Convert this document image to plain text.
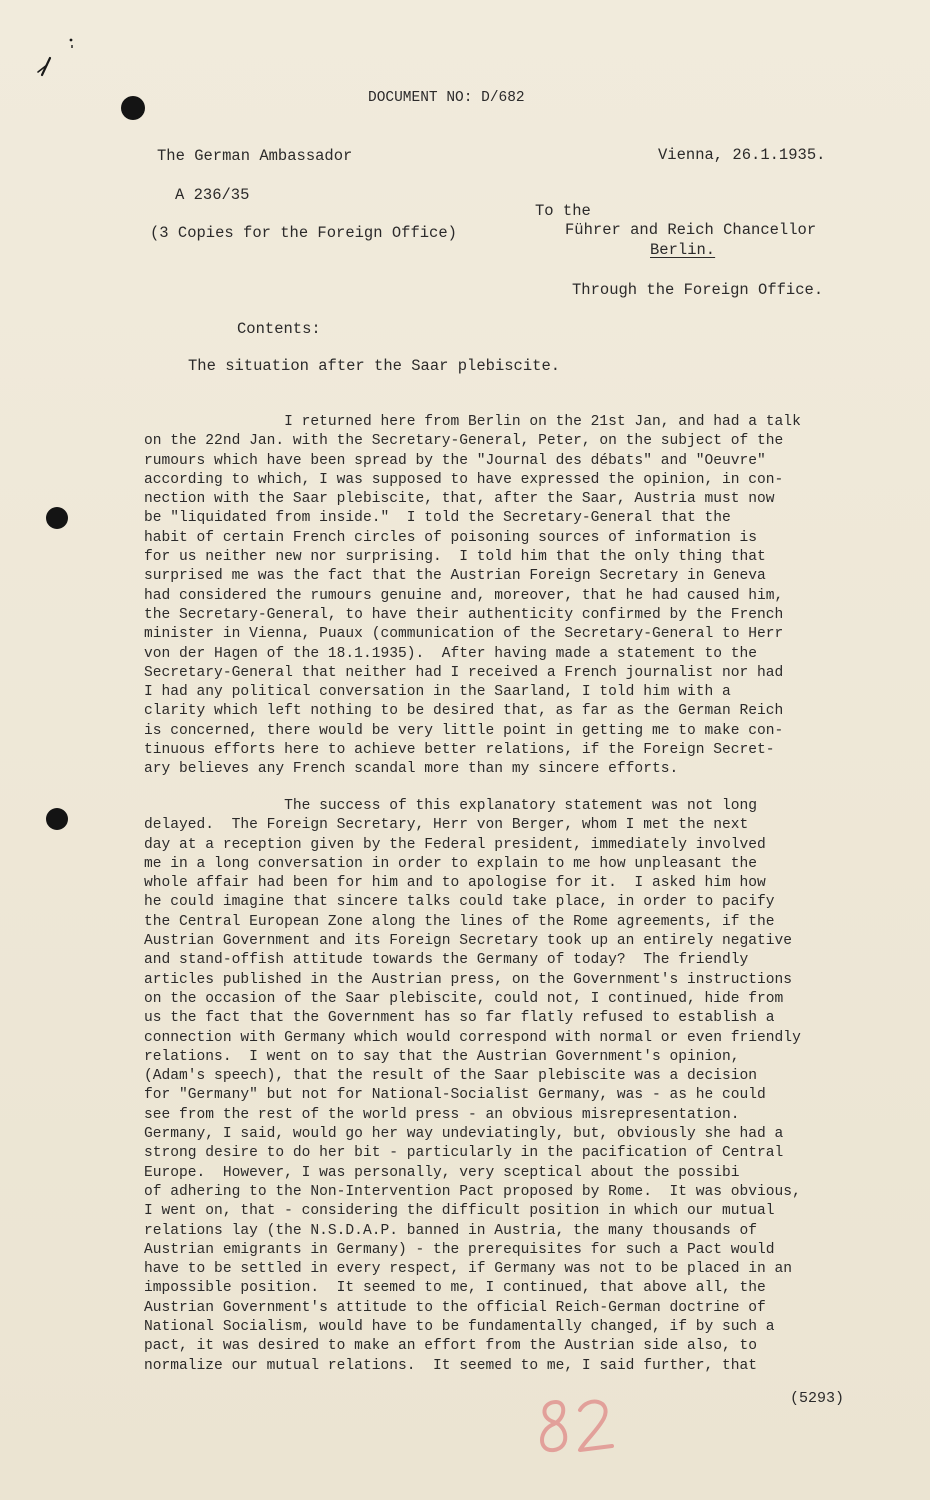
DOCUMENT NO: D/682
The German Ambassador	Vienna, 26.1.1935.
A 236/35
To the
(3 Copies for the Foreign Office)	Führer and Reich Chancellor
Berlin.
Through the Foreign Office.
Contents:
The situation after the Saar plebiscite.
I returned here from Berlin on the 21st Jan, and had a talk
on the 22nd Jan. with the Secretary-General, Peter, on the subject of the
rumours which have been spread by the "Journal des débats" and "Oeuvre"
according to which, I was supposed to have expressed the opinion, in con-
nection with the Saar plebiscite, that, after the Saar, Austria must now
be "liquidated from inside."  I told the Secretary-General that the
habit of certain French circles of poisoning sources of information is
for us neither new nor surprising.  I told him that the only thing that
surprised me was the fact that the Austrian Foreign Secretary in Geneva
had considered the rumours genuine and, moreover, that he had caused him,
the Secretary-General, to have their authenticity confirmed by the French
minister in Vienna, Puaux (communication of the Secretary-General to Herr
von der Hagen of the 18.1.1935).  After having made a statement to the
Secretary-General that neither had I received a French journalist nor had
I had any political conversation in the Saarland, I told him with a
clarity which left nothing to be desired that, as far as the German Reich
is concerned, there would be very little point in getting me to make con-
tinuous efforts here to achieve better relations, if the Foreign Secret-
ary believes any French scandal more than my sincere efforts.
The success of this explanatory statement was not long
delayed.  The Foreign Secretary, Herr von Berger, whom I met the next
day at a reception given by the Federal president, immediately involved
me in a long conversation in order to explain to me how unpleasant the
whole affair had been for him and to apologise for it.  I asked him how
he could imagine that sincere talks could take place, in order to pacify
the Central European Zone along the lines of the Rome agreements, if the
Austrian Government and its Foreign Secretary took up an entirely negative
and stand-offish attitude towards the Germany of today?  The friendly
articles published in the Austrian press, on the Government's instructions
on the occasion of the Saar plebiscite, could not, I continued, hide from
us the fact that the Government has so far flatly refused to establish a
connection with Germany which would correspond with normal or even friendly
relations.  I went on to say that the Austrian Government's opinion,
(Adam's speech), that the result of the Saar plebiscite was a decision
for "Germany" but not for National-Socialist Germany, was - as he could
see from the rest of the world press - an obvious misrepresentation.
Germany, I said, would go her way undeviatingly, but, obviously she had a
strong desire to do her bit - particularly in the pacification of Central
Europe.  However, I was personally, very sceptical about the possibi
of adhering to the Non-Intervention Pact proposed by Rome.  It was obvious,
I went on, that - considering the difficult position in which our mutual
relations lay (the N.S.D.A.P. banned in Austria, the many thousands of
Austrian emigrants in Germany) - the prerequisites for such a Pact would
have to be settled in every respect, if Germany was not to be placed in an
impossible position.  It seemed to me, I continued, that above all, the
Austrian Government's attitude to the official Reich-German doctrine of
National Socialism, would have to be fundamentally changed, if by such a
pact, it was desired to make an effort from the Austrian side also, to
normalize our mutual relations.  It seemed to me, I said further, that
(5293)
